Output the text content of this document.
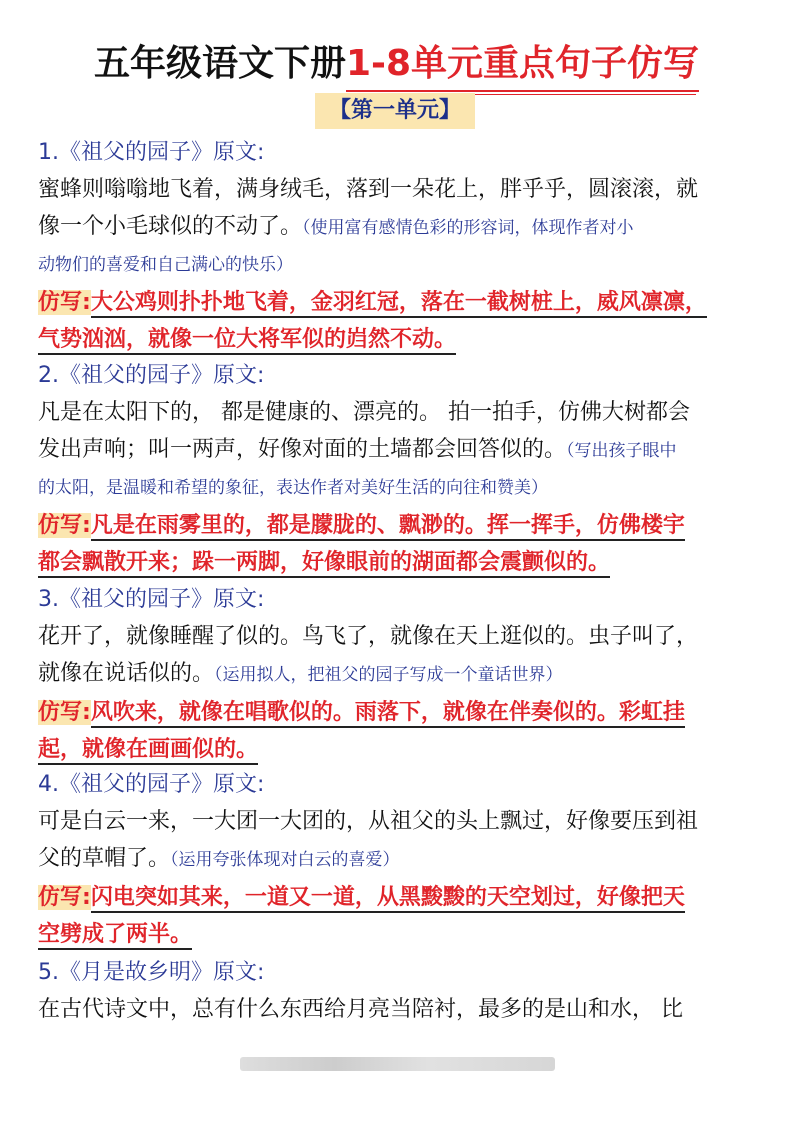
五年级语文下册1-8单元重点句子仿写
【第一单元】
1.《祖父的园子》原文:
蜜蜂则嗡嗡地飞着，满身绒毛，落到一朵花上，胖乎乎，圆滚滚，就
像一个小毛球似的不动了。（使用富有感情色彩的形容词，体现作者对小
动物们的喜爱和自己满心的快乐）
仿写:大公鸡则扑扑地飞着，金羽红冠，落在一截树桩上，威风凛凛，
气势汹汹，就像一位大将军似的岿然不动。
2.《祖父的园子》原文:
凡是在太阳下的， 都是健康的、漂亮的。 拍一拍手，仿佛大树都会
发出声响；叫一两声，好像对面的土墙都会回答似的。（写出孩子眼中
的太阳，是温暖和希望的象征，表达作者对美好生活的向往和赞美）
仿写:凡是在雨雾里的，都是朦胧的、飘渺的。挥一挥手，仿佛楼宇
都会飘散开来；跺一两脚，好像眼前的湖面都会震颤似的。
3.《祖父的园子》原文:
花开了，就像睡醒了似的。鸟飞了，就像在天上逛似的。虫子叫了，
就像在说话似的。（运用拟人，把祖父的园子写成一个童话世界）
仿写:风吹来，就像在唱歌似的。雨落下，就像在伴奏似的。彩虹挂
起，就像在画画似的。
4.《祖父的园子》原文:
可是白云一来，一大团一大团的，从祖父的头上飘过，好像要压到祖
父的草帽了。（运用夸张体现对白云的喜爱）
仿写:闪电突如其来，一道又一道，从黑黢黢的天空划过，好像把天
空劈成了两半。
5.《月是故乡明》原文:
在古代诗文中，总有什么东西给月亮当陪衬，最多的是山和水， 比
